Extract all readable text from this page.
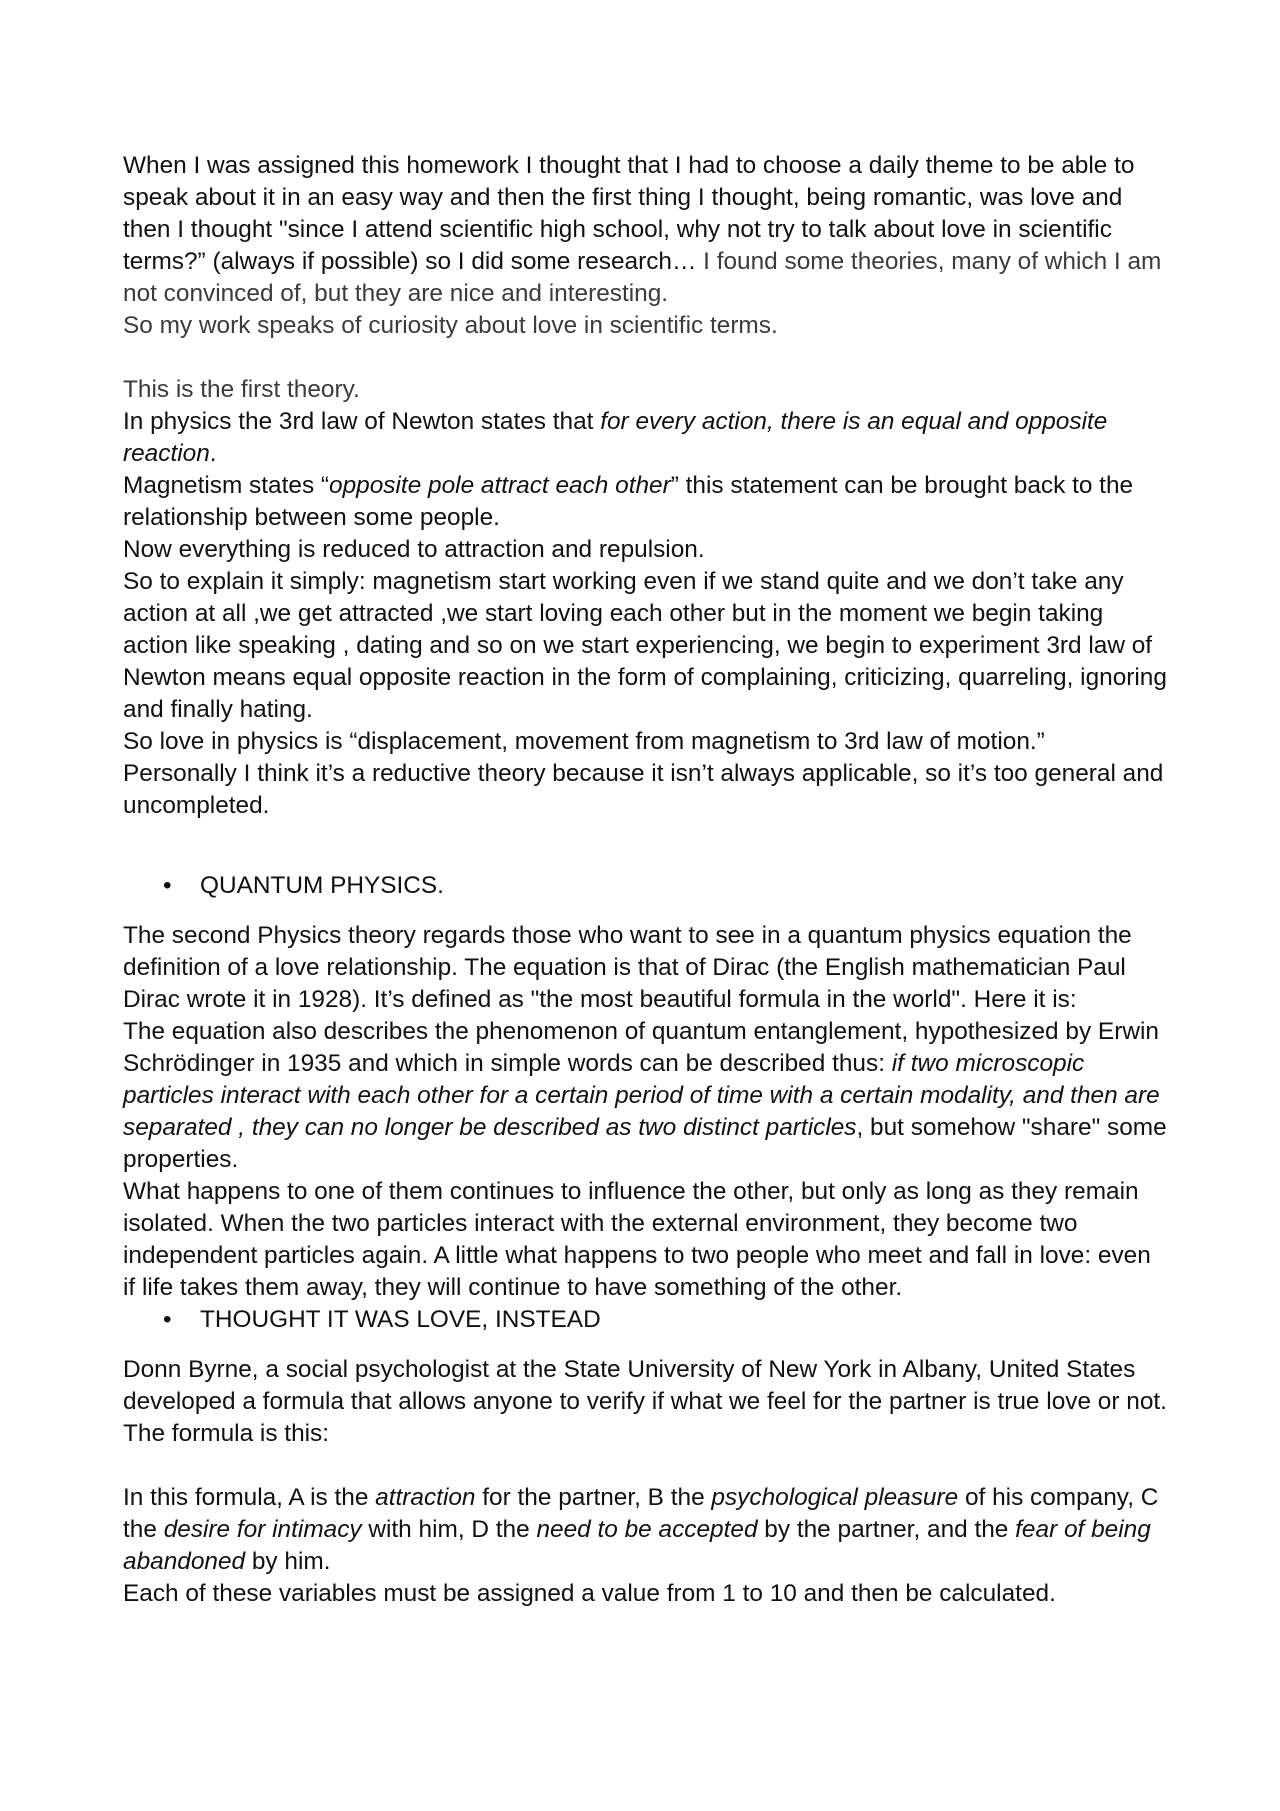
When I was assigned this homework I thought that I had to choose a daily theme to be able to speak about it in an easy way and then the first thing I thought, being romantic, was love and then I thought "since I attend scientific high school, why not try to talk about love in scientific terms?” (always if possible) so I did some research… I found some theories, many of which I am not convinced of, but they are nice and interesting.

So my work speaks of curiosity about love in scientific terms.

This is the first theory.

In physics the 3rd law of Newton states that for every action, there is an equal and opposite reaction.

Magnetism states “opposite pole attract each other” this statement can be brought back to the relationship between some people.

Now everything is reduced to attraction and repulsion.

So to explain it simply: magnetism start working even if we stand quite and we don’t take any action at all ,we get attracted ,we start loving each other but in the moment we begin taking action like speaking , dating and so on we start experiencing, we begin to experiment 3rd law of Newton means equal opposite reaction in the form of complaining, criticizing, quarreling, ignoring and finally hating.

So love in physics is “displacement, movement from magnetism to 3rd law of motion.”

Personally I think it’s a reductive theory because it isn’t always applicable, so it’s too general and uncompleted.

• QUANTUM PHYSICS.

The second Physics theory regards those who want to see in a quantum physics equation the definition of a love relationship. The equation is that of Dirac (the English mathematician Paul Dirac wrote it in 1928). It’s defined as "the most beautiful formula in the world". Here it is:

The equation also describes the phenomenon of quantum entanglement, hypothesized by Erwin Schrödinger in 1935 and which in simple words can be described thus: if two microscopic particles interact with each other for a certain period of time with a certain modality, and then are separated , they can no longer be described as two distinct particles, but somehow "share" some properties.

What happens to one of them continues to influence the other, but only as long as they remain isolated. When the two particles interact with the external environment, they become two independent particles again. A little what happens to two people who meet and fall in love: even if life takes them away, they will continue to have something of the other.

• THOUGHT IT WAS LOVE, INSTEAD

Donn Byrne, a social psychologist at the State University of New York in Albany, United States developed a formula that allows anyone to verify if what we feel for the partner is true love or not. The formula is this:

In this formula, A is the attraction for the partner, B the psychological pleasure of his company, C the desire for intimacy with him, D the need to be accepted by the partner, and the fear of being abandoned by him.

Each of these variables must be assigned a value from 1 to 10 and then be calculated.
